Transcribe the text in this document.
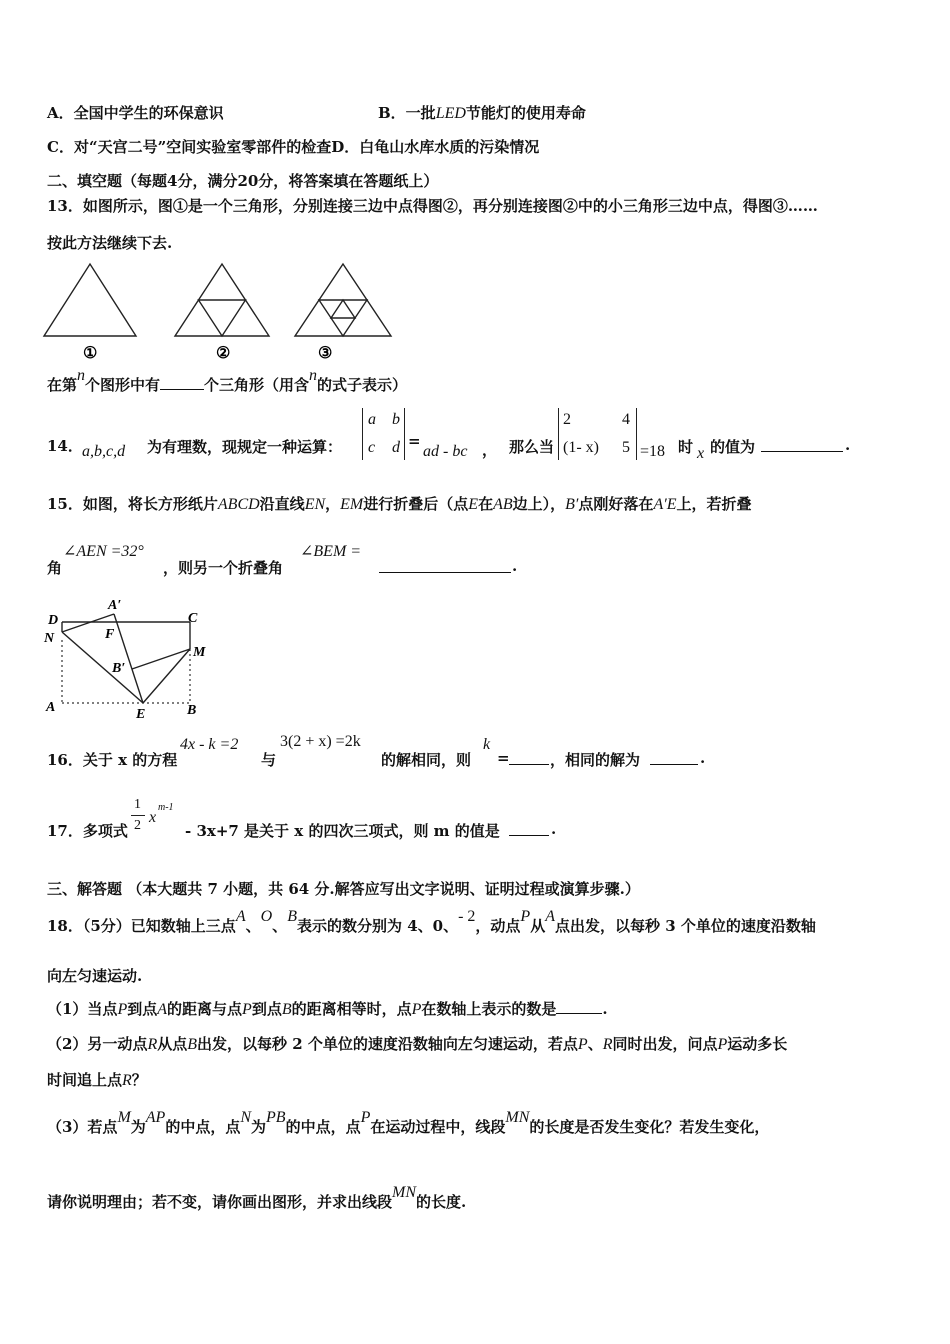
A．全国中学生的环保意识	B．一批LED节能灯的使用寿命
C．对“天宫二号”空间实验室零部件的检查D．白龟山水库水质的污染情况
二、填空题（每题4分，满分20分，将答案填在答题纸上）
13．如图所示，图①是一个三角形，分别连接三边中点得图②，再分别连接图②中的小三角形三边中点，得图③……
按此方法继续下去.
①	②	③
在第n个图形中有	个三角形（用含n的式子表示）
14． a,b,c,d 为有理数，现规定一种运算：
a b
c d =
ad - bc ， 那么当
2	4
(1- x) 5 =18 时 x 的值为	.
15．如图，将长方形纸片ABCD沿直线EN，EM进行折叠后（点E在AB边上），B′点刚好落在A′E上，若折叠
角
∠AEN =32°
，则另一个折叠角
∠BEM =
.
D
A′
C
N	F
M
B′
A	E	B
16．关于 x 的方程
4x - k =2
与
3(2 + x) =2k
的解相同，则
k
=	，相同的解为	.
17．多项式
1
2 x
m-1
- 3x+7 是关于 x 的四次三项式，则 m 的值是	.
三、解答题 （本大题共 7 小题，共 64 分.解答应写出文字说明、证明过程或演算步骤.）
18．（5分）已知数轴上三点A、O、B表示的数分别为 4、0、- 2，动点P从A点出发，以每秒 3 个单位的速度沿数轴
向左匀速运动.
（1）当点P到点A的距离与点P到点B的距离相等时，点P在数轴上表示的数是	.
（2）另一动点R从点B出发，以每秒 2 个单位的速度沿数轴向左匀速运动，若点P、R同时出发，问点P运动多长
时间追上点R？
（3）若点M为AP的中点，点N为PB的中点，点P在运动过程中，线段MN的长度是否发生变化？若发生变化，
请你说明理由；若不变，请你画出图形，并求出线段MN的长度.
